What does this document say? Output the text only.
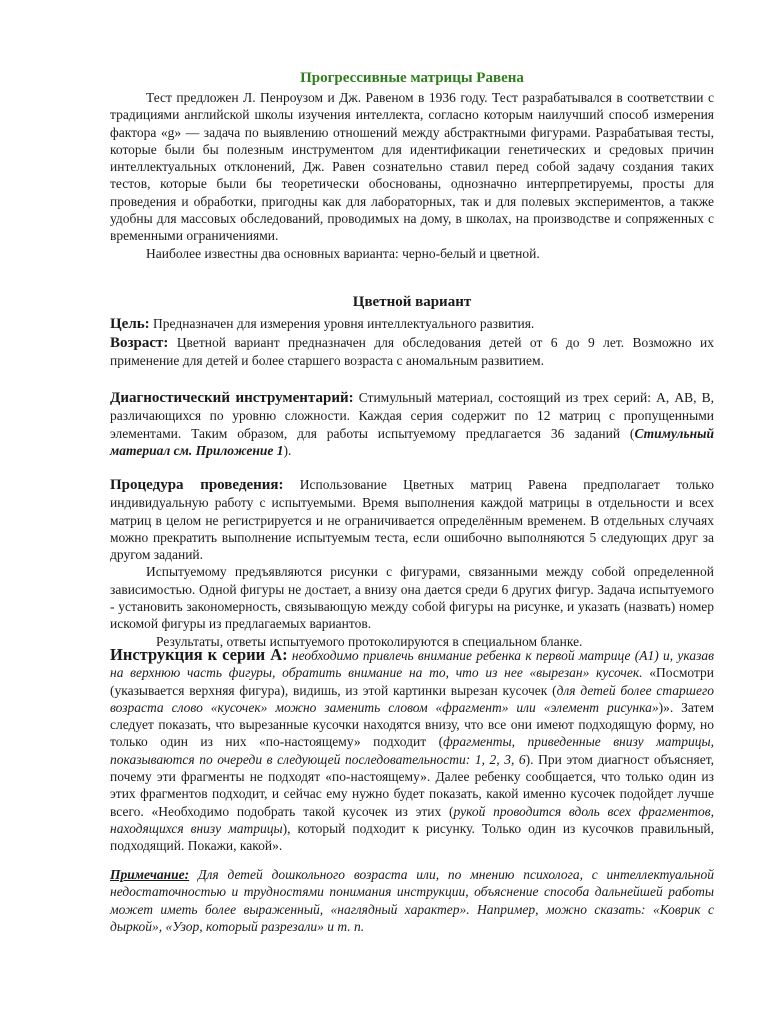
Прогрессивные матрицы Равена

Тест предложен Л. Пенроузом и Дж. Равеном в 1936 году. Тест разрабатывался в соответствии с традициями английской школы изучения интеллекта, согласно которым наилучший способ измерения фактора «g» — задача по выявлению отношений между абстрактными фигурами. Разрабатывая тесты, которые были бы полезным инструментом для идентификации генетических и средовых причин интеллектуальных отклонений, Дж. Равен сознательно ставил перед собой задачу создания таких тестов, которые были бы теоретически обоснованы, однозначно интерпретируемы, просты для проведения и обработки, пригодны как для лабораторных, так и для полевых экспериментов, а также удобны для массовых обследований, проводимых на дому, в школах, на производстве и сопряженных с временными ограничениями.

Наиболее известны два основных варианта: черно-белый и цветной.

Цветной вариант
Цель: Предназначен для измерения уровня интеллектуального развития.
Возраст: Цветной вариант предназначен для обследования детей от 6 до 9 лет. Возможно их применение для детей и более старшего возраста с аномальным развитием.
Диагностический инструментарий: Стимульный материал, состоящий из трех серий: А, АВ, В, различающихся по уровню сложности. Каждая серия содержит по 12 матриц с пропущенными элементами. Таким образом, для работы испытуемому предлагается 36 заданий (Стимульный материал см. Приложение 1).

Процедура проведения: Использование Цветных матриц Равена предполагает только индивидуальную работу с испытуемыми. Время выполнения каждой матрицы в отдельности и всех матриц в целом не регистрируется и не ограничивается определённым временем. В отдельных случаях можно прекратить выполнение испытуемым теста, если ошибочно выполняются 5 следующих друг за другом заданий.

Испытуемому предъявляются рисунки с фигурами, связанными между собой определенной зависимостью. Одной фигуры не достает, а внизу она дается среди 6 других фигур. Задача испытуемого - установить закономерность, связывающую между собой фигуры на рисунке, и указать (назвать) номер искомой фигуры из предлагаемых вариантов.

Результаты, ответы испытуемого протоколируются в специальном бланке.

Инструкция к серии А: необходимо привлечь внимание ребенка к первой матрице (А1) и, указав на верхнюю часть фигуры, обратить внимание на то, что из нее «вырезан» кусочек. «Посмотри (указывается верхняя фигура), видишь, из этой картинки вырезан кусочек (для детей более старшего возраста слово «кусочек» можно заменить словом «фрагмент» или «элемент рисунка»)». Затем следует показать, что вырезанные кусочки находятся внизу, что все они имеют подходящую форму, но только один из них «по-настоящему» подходит (фрагменты, приведенные внизу матрицы, показываются по очереди в следующей последовательности: 1, 2, 3, 6). При этом диагност объясняет, почему эти фрагменты не подходят «по-настоящему». Далее ребенку сообщается, что только один из этих фрагментов подходит, и сейчас ему нужно будет показать, какой именно кусочек подойдет лучше всего. «Необходимо подобрать такой кусочек из этих (рукой проводится вдоль всех фрагментов, находящихся внизу матрицы), который подходит к рисунку. Только один из кусочков правильный, подходящий. Покажи, какой».
Примечание: Для детей дошкольного возраста или, по мнению психолога, с интеллектуальной недостаточностью и трудностями понимания инструкции, объяснение способа дальнейшей работы может иметь более выраженный, «наглядный характер». Например, можно сказать: «Коврик с дыркой», «Узор, который разрезали» и т. п.
